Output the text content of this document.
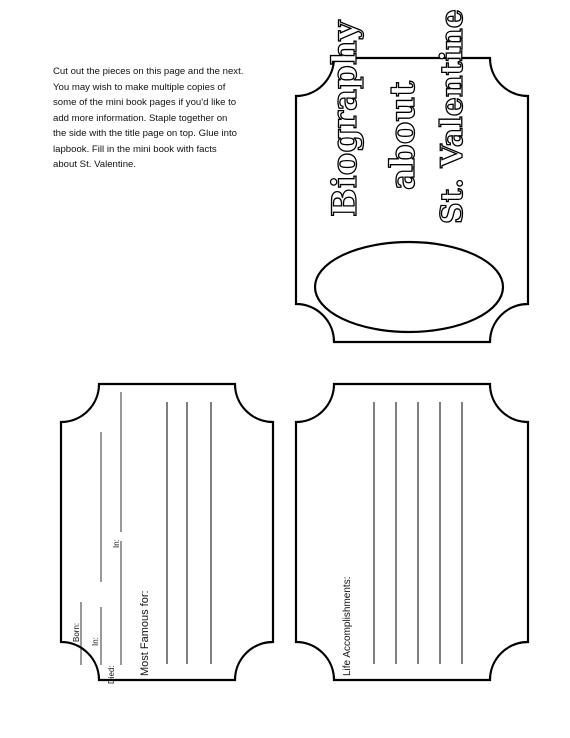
Cut out the pieces on this page and the next.
You may wish to make multiple copies of
some of the mini book pages if you'd like to
add more information. Staple together on
the side with the title page on top. Glue into
lapbook. Fill in the mini book with facts
about St. Valentine.	Biography about St. Valentine
Born: In:
In:
Died: Most Famous for:	Life Accomplishments:
